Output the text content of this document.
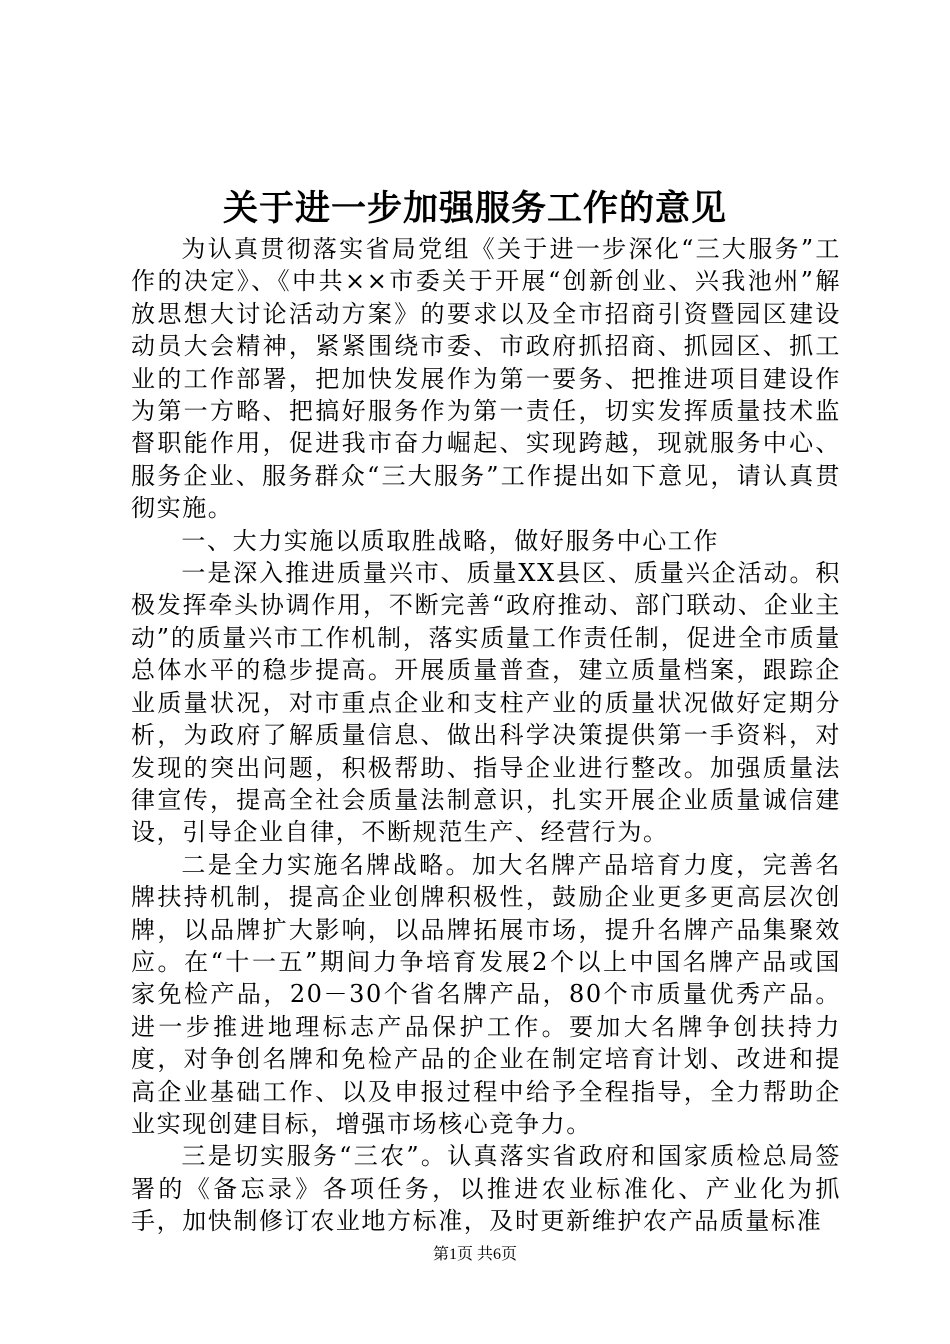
关于进一步加强服务工作的意见

为认真贯彻落实省局党组《关于进一步深化“三大服务”工作的决定》、《中共××市委关于开展“创新创业、兴我池州”解放思想大讨论活动方案》的要求以及全市招商引资暨园区建设动员大会精神，紧紧围绕市委、市政府抓招商、抓园区、抓工业的工作部署，把加快发展作为第一要务、把推进项目建设作为第一方略、把搞好服务作为第一责任，切实发挥质量技术监督职能作用，促进我市奋力崛起、实现跨越，现就服务中心、服务企业、服务群众“三大服务”工作提出如下意见，请认真贯彻实施。

一、大力实施以质取胜战略，做好服务中心工作

一是深入推进质量兴市、质量XX县区、质量兴企活动。积极发挥牵头协调作用，不断完善“政府推动、部门联动、企业主动”的质量兴市工作机制，落实质量工作责任制，促进全市质量总体水平的稳步提高。开展质量普查，建立质量档案，跟踪企业质量状况，对市重点企业和支柱产业的质量状况做好定期分析，为政府了解质量信息、做出科学决策提供第一手资料，对发现的突出问题，积极帮助、指导企业进行整改。加强质量法律宣传，提高全社会质量法制意识，扎实开展企业质量诚信建设，引导企业自律，不断规范生产、经营行为。

二是全力实施名牌战略。加大名牌产品培育力度，完善名牌扶持机制，提高企业创牌积极性，鼓励企业更多更高层次创牌，以品牌扩大影响，以品牌拓展市场，提升名牌产品集聚效应。在“十一五”期间力争培育发展2个以上中国名牌产品或国家免检产品，20－30个省名牌产品，80个市质量优秀产品。进一步推进地理标志产品保护工作。要加大名牌争创扶持力度，对争创名牌和免检产品的企业在制定培育计划、改进和提高企业基础工作、以及申报过程中给予全程指导，全力帮助企业实现创建目标，增强市场核心竞争力。

三是切实服务“三农”。认真落实省政府和国家质检总局签署的《备忘录》各项任务，以推进农业标准化、产业化为抓手，加快制修订农业地方标准，及时更新维护农产品质量标准

第1页 共6页
